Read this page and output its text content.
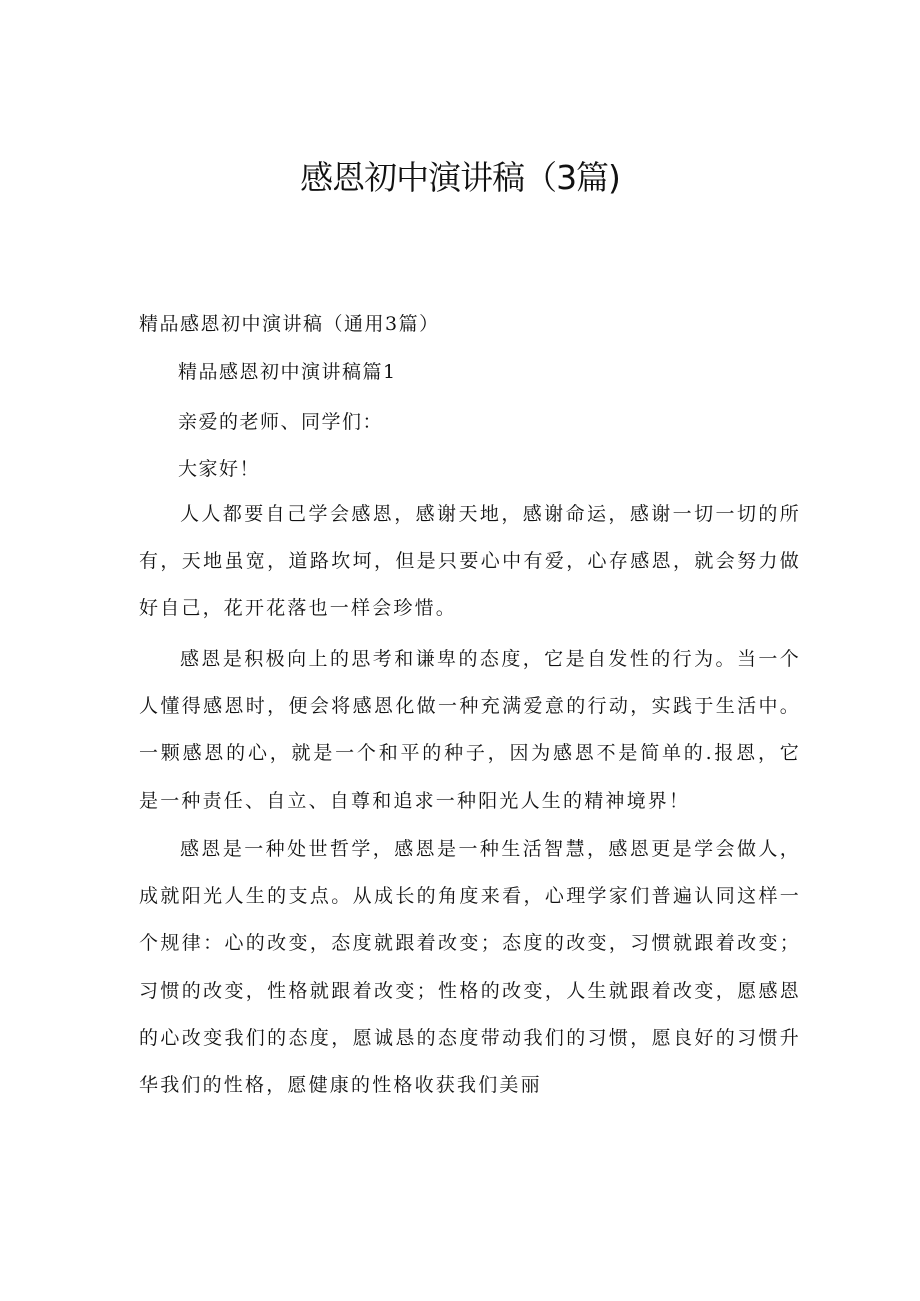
感恩初中演讲稿（3篇)

精品感恩初中演讲稿（通用3篇）

精品感恩初中演讲稿篇1

亲爱的老师、同学们：

大家好！

人人都要自己学会感恩，感谢天地，感谢命运，感谢一切一切的所有，天地虽宽，道路坎坷，但是只要心中有爱，心存感恩，就会努力做好自己，花开花落也一样会珍惜。

感恩是积极向上的思考和谦卑的态度，它是自发性的行为。当一个人懂得感恩时，便会将感恩化做一种充满爱意的行动，实践于生活中。一颗感恩的心，就是一个和平的种子，因为感恩不是简单的.报恩，它是一种责任、自立、自尊和追求一种阳光人生的精神境界！

感恩是一种处世哲学，感恩是一种生活智慧，感恩更是学会做人，成就阳光人生的支点。从成长的角度来看，心理学家们普遍认同这样一个规律：心的改变，态度就跟着改变；态度的改变，习惯就跟着改变；习惯的改变，性格就跟着改变；性格的改变，人生就跟着改变，愿感恩的心改变我们的态度，愿诚恳的态度带动我们的习惯，愿良好的习惯升华我们的性格，愿健康的性格收获我们美丽
